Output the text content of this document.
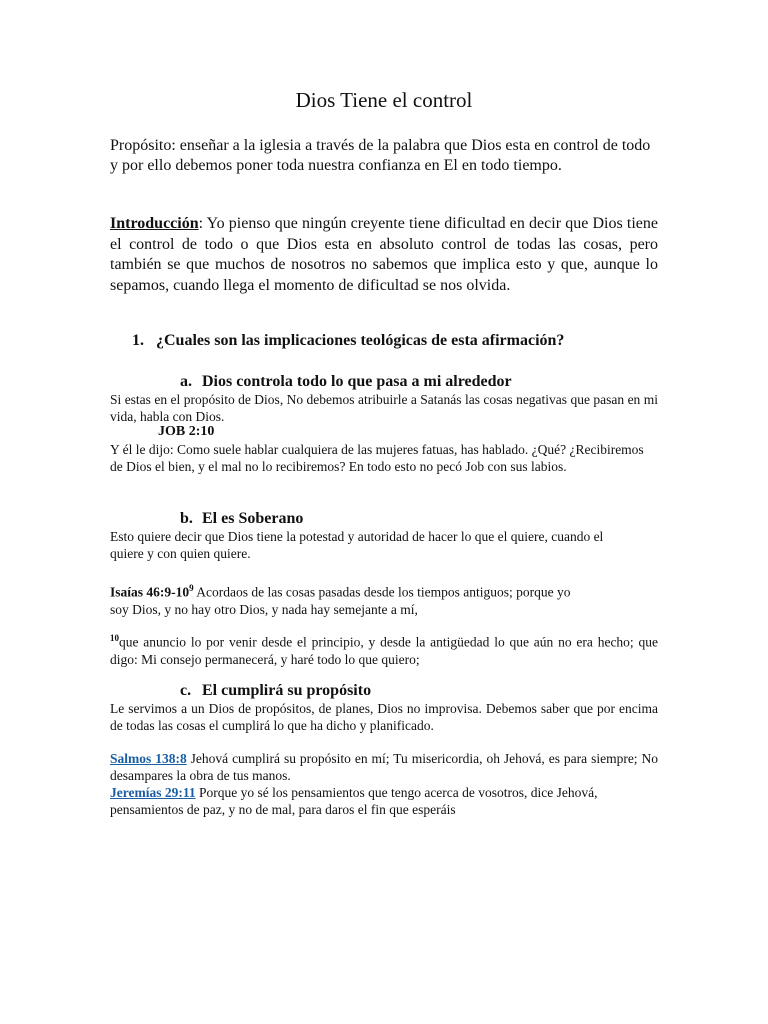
Dios Tiene el control

Propósito: enseñar a la iglesia a través de la palabra que Dios esta en control de todo y por ello debemos poner toda nuestra confianza en El en todo tiempo.

Introducción: Yo pienso que ningún creyente tiene dificultad en decir que Dios tiene el control de todo o que Dios esta en absoluto control de todas las cosas, pero también se que muchos de nosotros no sabemos que implica esto y que, aunque lo sepamos, cuando llega el momento de dificultad se nos olvida.

1. ¿Cuales son las implicaciones teológicas de esta afirmación?

a. Dios controla todo lo que pasa a mi alrededor

Si estas en el propósito de Dios, No debemos atribuirle a Satanás las cosas negativas que pasan en mi vida, habla con Dios.

JOB 2:10

Y él le dijo: Como suele hablar cualquiera de las mujeres fatuas, has hablado. ¿Qué? ¿Recibiremos de Dios el bien, y el mal no lo recibiremos? En todo esto no pecó Job con sus labios.

b. El es Soberano

Esto quiere decir que Dios tiene la potestad y autoridad de hacer lo que el quiere, cuando el quiere y con quien quiere.

Isaías $46:9-10^9$ Acordaos de las cosas pasadas desde los tiempos antiguos; porque yo soy Dios, y no hay otro Dios, y nada hay semejante a mí,

$^{10}$que anuncio lo por venir desde el principio, y desde la antigüedad lo que aún no era hecho; que digo: Mi consejo permanecerá, y haré todo lo que quiero;

c. El cumplirá su propósito

Le servimos a un Dios de propósitos, de planes, Dios no improvisa. Debemos saber que por encima de todas las cosas el cumplirá lo que ha dicho y planificado.

Salmos 138:8 Jehová cumplirá su propósito en mí; Tu misericordia, oh Jehová, es para siempre; No desampares la obra de tus manos.

Jeremías 29:11 Porque yo sé los pensamientos que tengo acerca de vosotros, dice Jehová, pensamientos de paz, y no de mal, para daros el fin que esperáis
